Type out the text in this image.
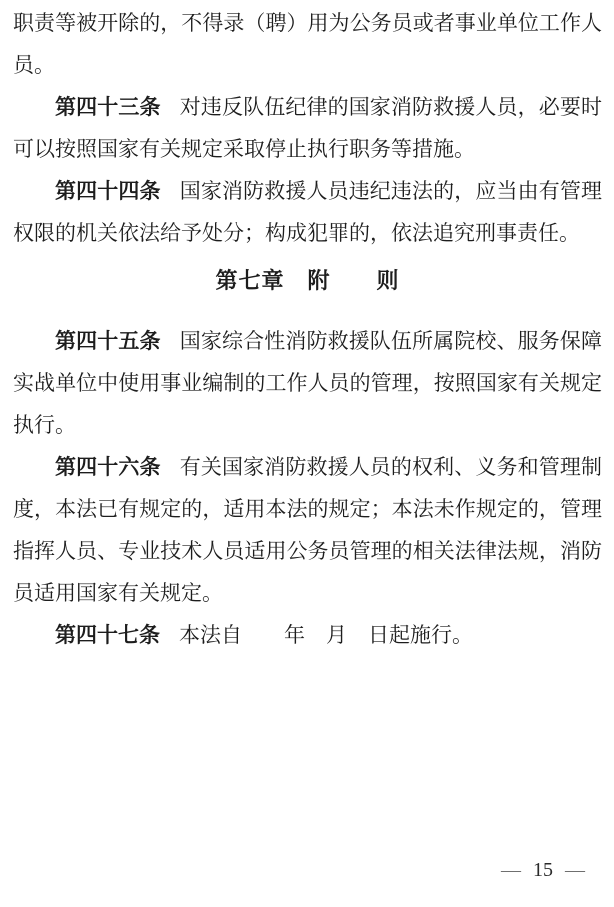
职责等被开除的，不得录（聘）用为公务员或者事业单位工作人员。

第四十三条 对违反队伍纪律的国家消防救援人员，必要时可以按照国家有关规定采取停止执行职务等措施。

第四十四条 国家消防救援人员违纪违法的，应当由有管理权限的机关依法给予处分；构成犯罪的，依法追究刑事责任。

第七章　附　　则

第四十五条 国家综合性消防救援队伍所属院校、服务保障实战单位中使用事业编制的工作人员的管理，按照国家有关规定执行。

第四十六条 有关国家消防救援人员的权利、义务和管理制度，本法已有规定的，适用本法的规定；本法未作规定的，管理指挥人员、专业技术人员适用公务员管理的相关法律法规，消防员适用国家有关规定。

第四十七条 本法自　　年　月　日起施行。

— 15 —
